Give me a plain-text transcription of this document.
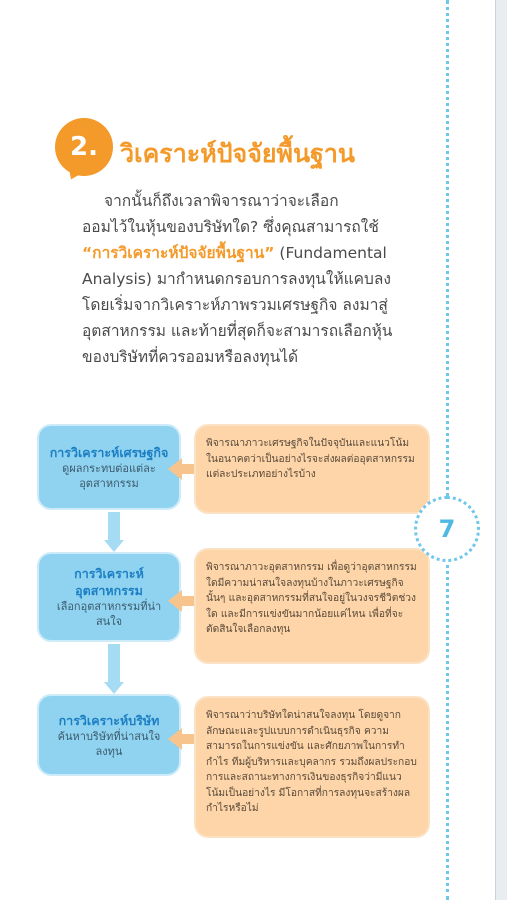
2. วิเคราะห์ปัจจัยพื้นฐาน
จากนั้นก็ถึงเวลาพิจารณาว่าจะเลือก
ออมไว้ในหุ้นของบริษัทใด? ซึ่งคุณสามารถใช้
“การวิเคราะห์ปัจจัยพื้นฐาน” (Fundamental
Analysis) มากำหนดกรอบการลงทุนให้แคบลง
โดยเริ่มจากวิเคราะห์ภาพรวมเศรษฐกิจ ลงมาสู่
อุตสาหกรรม และท้ายที่สุดก็จะสามารถเลือกหุ้น
ของบริษัทที่ควรออมหรือลงทุนได้
การวิเคราะห์เศรษฐกิจ
ดูผลกระทบต่อแต่ละอุตสาหกรรม
พิจารณาภาวะเศรษฐกิจในปัจจุบันและแนวโน้มในอนาคตว่าเป็นอย่างไรจะส่งผลต่ออุตสาหกรรมแต่ละประเภทอย่างไรบ้าง
การวิเคราะห์อุตสาหกรรม
เลือกอุตสาหกรรมที่น่าสนใจ
พิจารณาภาวะอุตสาหกรรม เพื่อดูว่าอุตสาหกรรมใดมีความน่าสนใจลงทุนบ้างในภาวะเศรษฐกิจนั้นๆ และอุตสาหกรรมที่สนใจอยู่ในวงจรชีวิตช่วงใด และมีการแข่งขันมากน้อยแค่ไหน เพื่อที่จะตัดสินใจเลือกลงทุน
การวิเคราะห์บริษัท
ค้นหาบริษัทที่น่าสนใจลงทุน
พิจารณาว่าบริษัทใดน่าสนใจลงทุน โดยดูจากลักษณะและรูปแบบการดำเนินธุรกิจ ความสามารถในการแข่งขัน และศักยภาพในการทำกำไร ทีมผู้บริหารและบุคลากร รวมถึงผลประกอบการและสถานะทางการเงินของธุรกิจว่ามีแนวโน้มเป็นอย่างไร มีโอกาสที่การลงทุนจะสร้างผลกำไรหรือไม่
7
